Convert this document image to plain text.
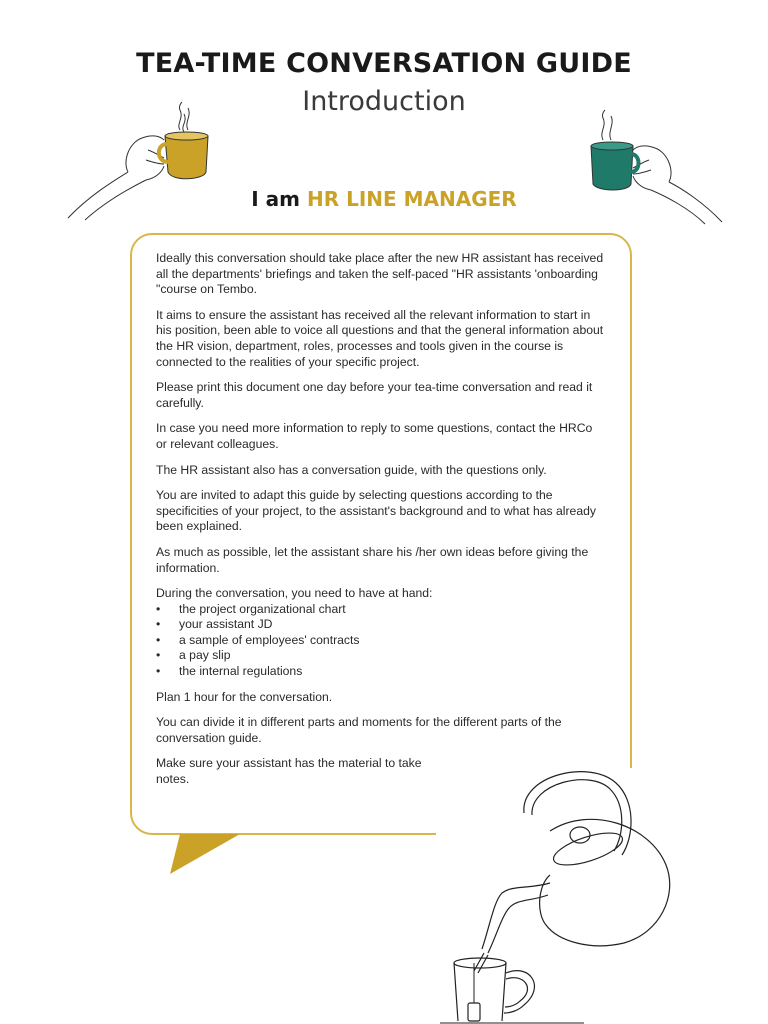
TEA-TIME CONVERSATION GUIDE
Introduction
I am HR LINE MANAGER

Ideally this conversation should take place after the new HR assistant has received all the departments' briefings and taken the self-paced "HR assistants 'onboarding "course on Tembo.

It aims to ensure the assistant has received all the relevant information to start in his position, been able to voice all questions and that the general information about the HR vision, department, roles, processes and tools given in the course is connected to the realities of your specific project.

Please print this document one day before your tea-time conversation and read it carefully.

In case you need more information to reply to some questions, contact the HRCo or relevant colleagues.

The HR assistant also has a conversation guide, with the questions only.

You are invited to adapt this guide by selecting questions according to the specificities of your project, to the assistant's background and to what has already been explained.

As much as possible, let the assistant share his /her own ideas before giving the information.

During the conversation, you need to have at hand:

• the project organizational chart
• your assistant JD
• a sample of employees' contracts
• a pay slip
• the internal regulations

Plan 1 hour for the conversation.

You can divide it in different parts and moments for the different parts of the conversation guide.

Make sure your assistant has the material to take notes.
